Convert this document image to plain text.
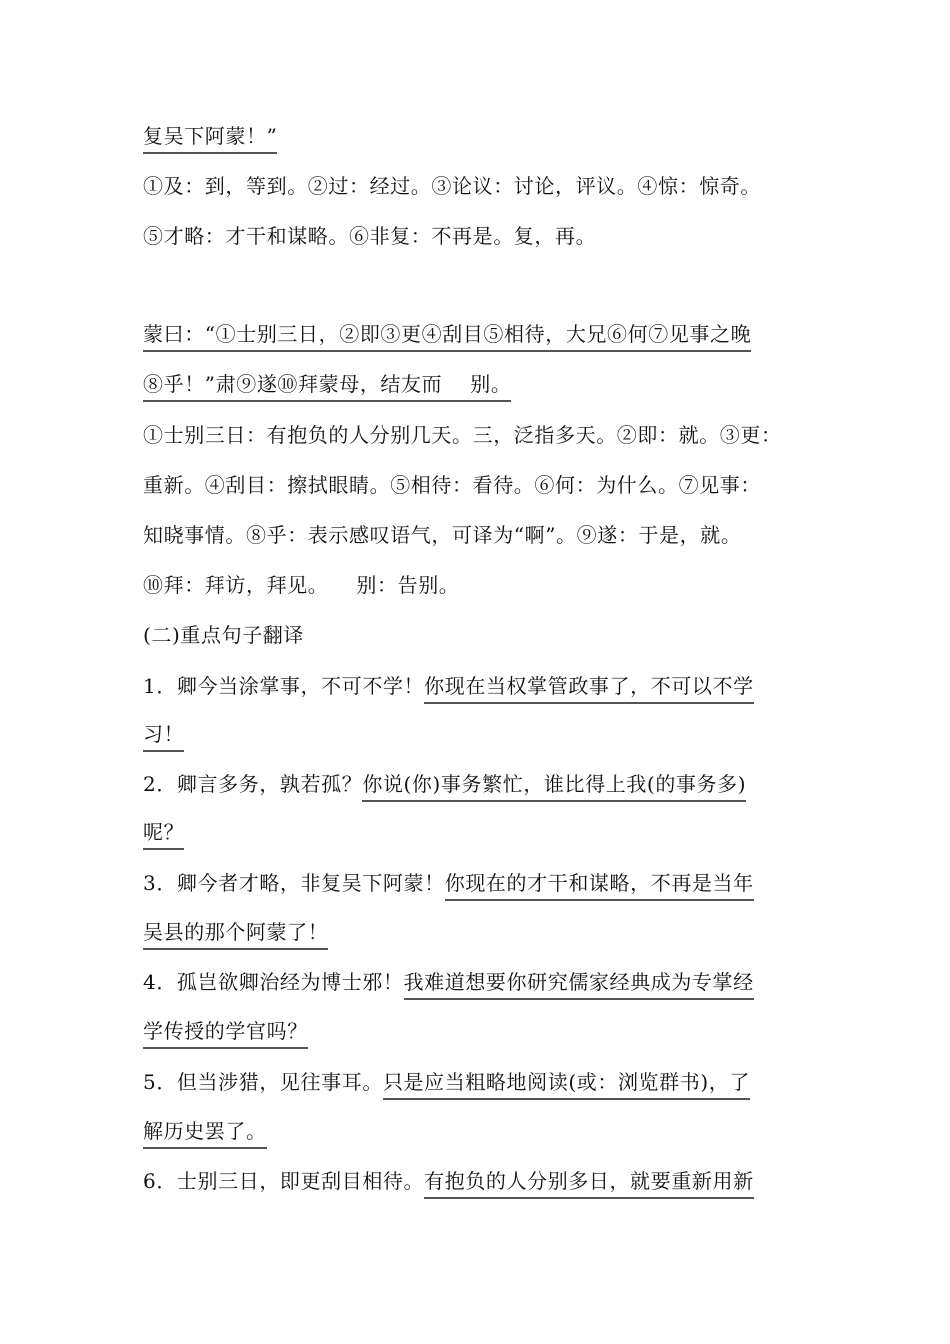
复吴下阿蒙！”
①及：到，等到。②过：经过。③论议：讨论，评议。④惊：惊奇。
⑤才略：才干和谋略。⑥非复：不再是。复，再。
蒙曰：“①士别三日，②即③更④刮目⑤相待，大兄⑥何⑦见事之晚
⑧乎！”肃⑨遂⑩拜蒙母，结友而 别。
①士别三日：有抱负的人分别几天。三，泛指多天。②即：就。③更：
重新。④刮目：擦拭眼睛。⑤相待：看待。⑥何：为什么。⑦见事：
知晓事情。⑧乎：表示感叹语气，可译为“啊”。⑨遂：于是，就。
⑩拜：拜访，拜见。 别：告别。
(二)重点句子翻译
1．卿今当涂掌事，不可不学！你现在当权掌管政事了，不可以不学
习！
2．卿言多务，孰若孤？你说(你)事务繁忙，谁比得上我(的事务多)
呢？
3．卿今者才略，非复吴下阿蒙！你现在的才干和谋略，不再是当年
吴县的那个阿蒙了！
4．孤岂欲卿治经为博士邪！我难道想要你研究儒家经典成为专掌经
学传授的学官吗？
5．但当涉猎，见往事耳。只是应当粗略地阅读(或：浏览群书)，了
解历史罢了。
6．士别三日，即更刮目相待。有抱负的人分别多日，就要重新用新
